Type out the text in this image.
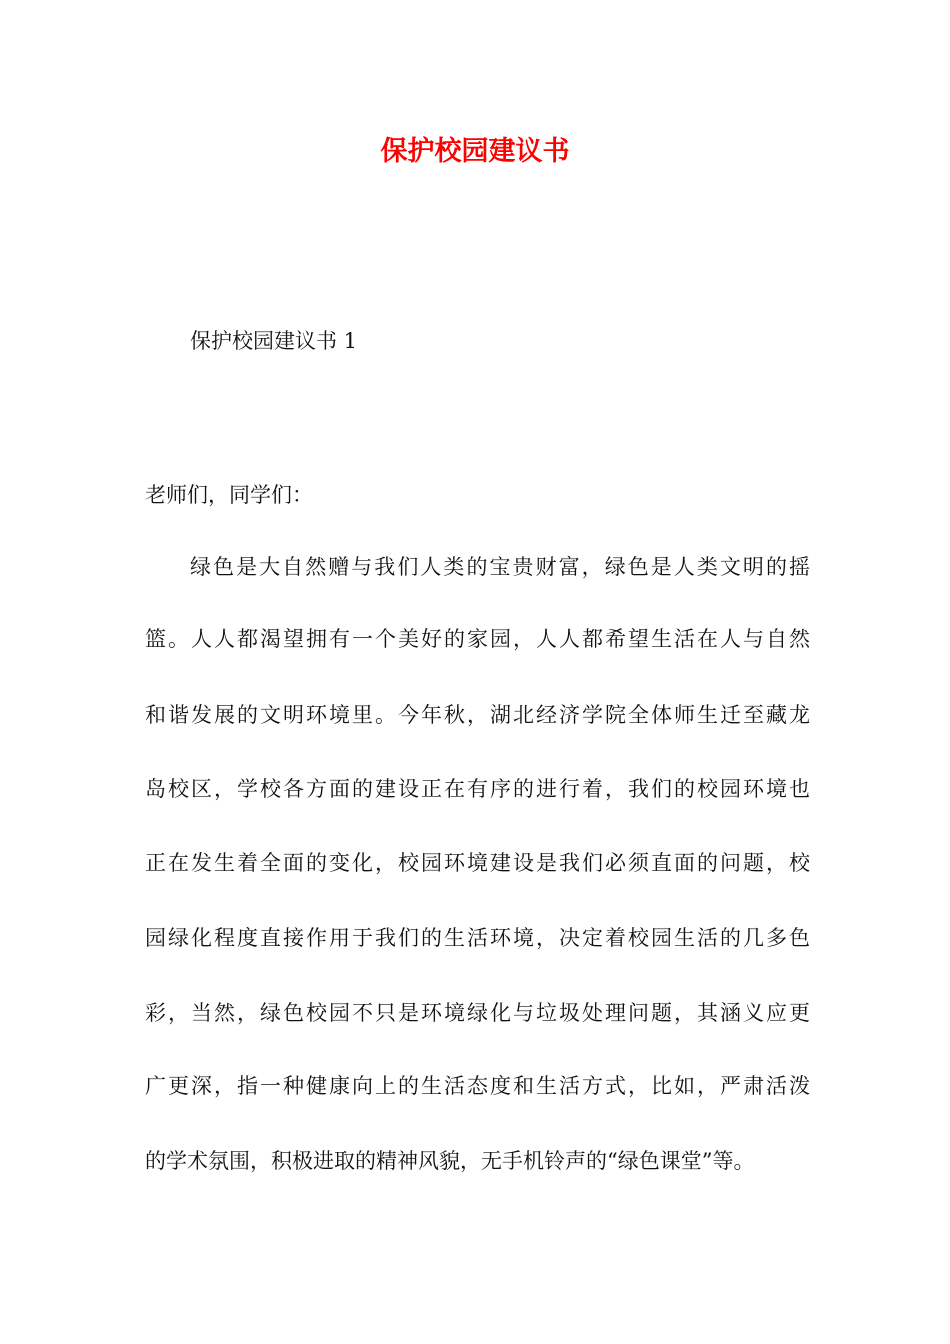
保护校园建议书
保护校园建议书 1
老师们，同学们：
绿色是大自然赠与我们人类的宝贵财富，绿色是人类文明的摇
篮。人人都渴望拥有一个美好的家园，人人都希望生活在人与自然
和谐发展的文明环境里。今年秋，湖北经济学院全体师生迁至藏龙
岛校区，学校各方面的建设正在有序的进行着，我们的校园环境也
正在发生着全面的变化，校园环境建设是我们必须直面的问题，校
园绿化程度直接作用于我们的生活环境，决定着校园生活的几多色
彩，当然，绿色校园不只是环境绿化与垃圾处理问题，其涵义应更
广更深，指一种健康向上的生活态度和生活方式，比如，严肃活泼
的学术氛围，积极进取的精神风貌，无手机铃声的“绿色课堂”等。
